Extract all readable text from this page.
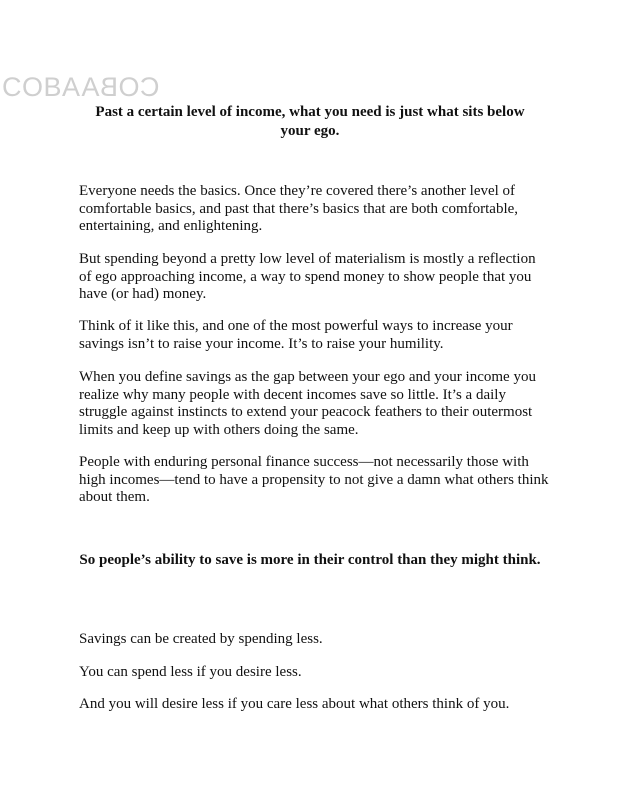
COBACOBA
Past a certain level of income, what you need is just what sits below your ego.

Everyone needs the basics. Once they’re covered there’s another level of comfortable basics, and past that there’s basics that are both comfortable, entertaining, and enlightening.

But spending beyond a pretty low level of materialism is mostly a reflection of ego approaching income, a way to spend money to show people that you have (or had) money.

Think of it like this, and one of the most powerful ways to increase your savings isn’t to raise your income. It’s to raise your humility.

When you define savings as the gap between your ego and your income you realize why many people with decent incomes save so little. It’s a daily struggle against instincts to extend your peacock feathers to their outermost limits and keep up with others doing the same.

People with enduring personal finance success—not necessarily those with high incomes—tend to have a propensity to not give a damn what others think about them.

So people’s ability to save is more in their control than they might think.

Savings can be created by spending less.

You can spend less if you desire less.

And you will desire less if you care less about what others think of you.
